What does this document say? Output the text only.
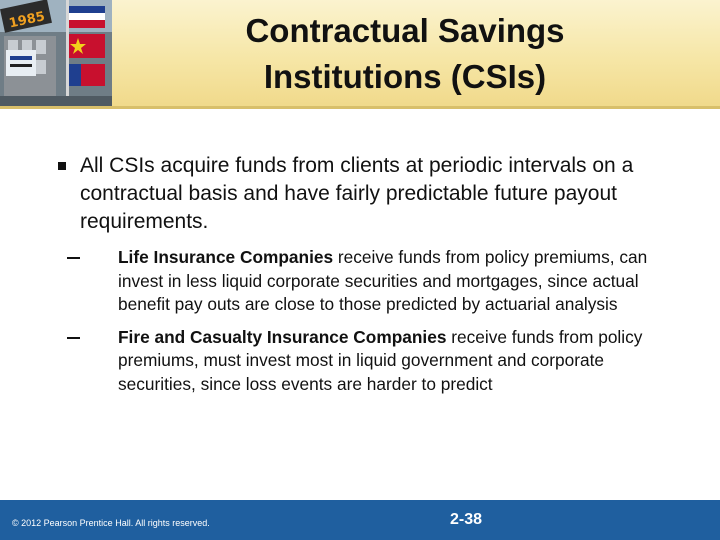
1985	Contractual Savings
Institutions (CSIs)
All CSIs acquire funds from clients at periodic intervals on a contractual basis and have fairly predictable future payout requirements.
Life Insurance Companies receive funds from policy premiums, can invest in less liquid corporate securities and mortgages, since actual benefit pay outs are close to those predicted by actuarial analysis
Fire and Casualty Insurance Companies receive funds from policy premiums, must invest most in liquid government and corporate securities, since loss events are harder to predict
© 2012 Pearson Prentice Hall. All rights reserved.	2-38
